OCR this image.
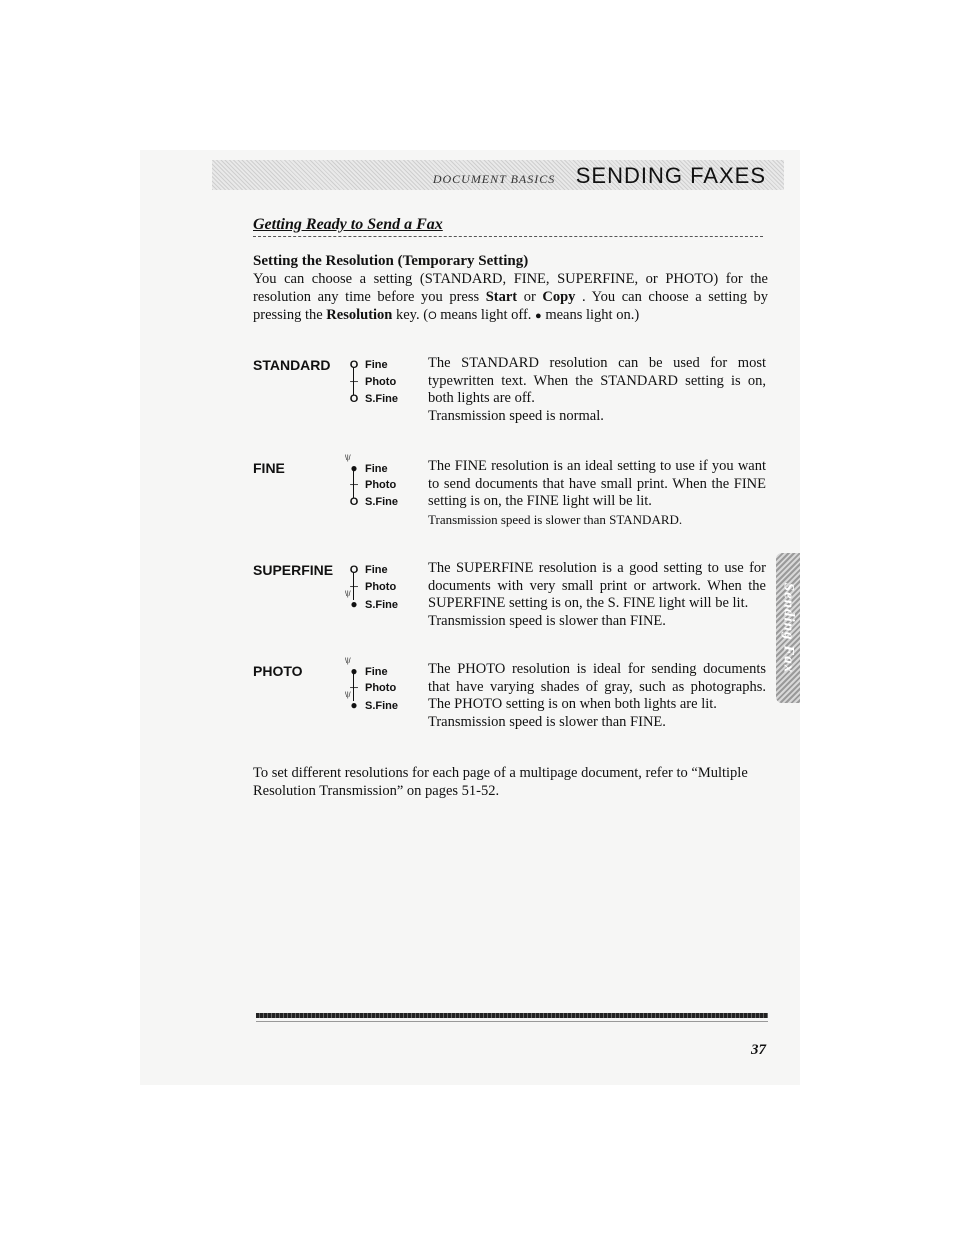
DOCUMENT BASICS SENDING FAXES
Getting Ready to Send a Fax
Setting the Resolution (Temporary Setting)
You can choose a setting (STANDARD, FINE, SUPERFINE, or PHOTO) for the resolution any time before you press Start or Copy . You can choose a setting by pressing the Resolution key. (O means light off. ● means light on.)
STANDARD O Fine
─ Photo
O S.Fine
The STANDARD resolution can be used for most typewritten text. When the STANDARD setting is on, both lights are off.
Transmission speed is normal.
FINE	\ | / ● Fine
─ Photo
O S.Fine
The FINE resolution is an ideal setting to use if you want to send documents that have small print. When the FINE setting is on, the FINE light will be lit.
Transmission speed is slower than STANDARD.
SUPERFINE O Fine
─ Photo
\ | / ● S.Fine
The SUPERFINE resolution is a good setting to use for documents with very small print or artwork. When the SUPERFINE setting is on, the S. FINE light will be lit.
Transmission speed is slower than FINE.
PHOTO	\ | / ● Fine
─ Photo
\ | / ● S.Fine
The PHOTO resolution is ideal for sending documents that have varying shades of gray, such as photographs. The PHOTO setting is on when both lights are lit.
Transmission speed is slower than FINE.
To set different resolutions for each page of a multipage document, refer to “Multiple Resolution Transmission” on pages 51-52.
Sending Fax
37
